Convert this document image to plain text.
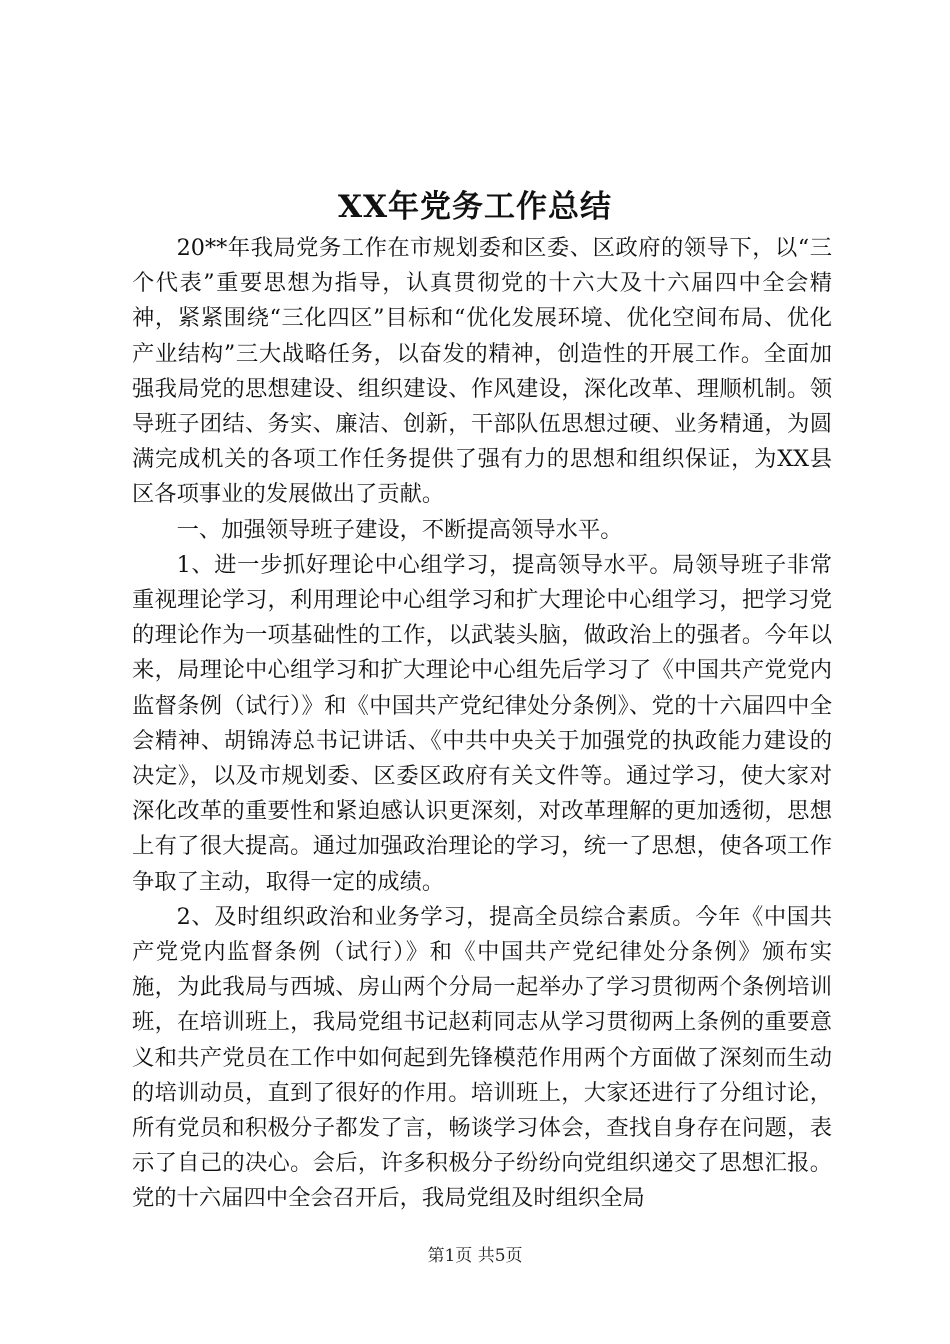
XX年党务工作总结

20**年我局党务工作在市规划委和区委、区政府的领导下，以“三个代表”重要思想为指导，认真贯彻党的十六大及十六届四中全会精神，紧紧围绕“三化四区”目标和“优化发展环境、优化空间布局、优化产业结构”三大战略任务，以奋发的精神，创造性的开展工作。全面加强我局党的思想建设、组织建设、作风建设，深化改革、理顺机制。领导班子团结、务实、廉洁、创新，干部队伍思想过硬、业务精通，为圆满完成机关的各项工作任务提供了强有力的思想和组织保证，为XX县区各项事业的发展做出了贡献。

一、加强领导班子建设，不断提高领导水平。

1、进一步抓好理论中心组学习，提高领导水平。局领导班子非常重视理论学习，利用理论中心组学习和扩大理论中心组学习，把学习党的理论作为一项基础性的工作，以武装头脑，做政治上的强者。今年以来，局理论中心组学习和扩大理论中心组先后学习了《中国共产党党内监督条例（试行）》和《中国共产党纪律处分条例》、党的十六届四中全会精神、胡锦涛总书记讲话、《中共中央关于加强党的执政能力建设的决定》，以及市规划委、区委区政府有关文件等。通过学习，使大家对深化改革的重要性和紧迫感认识更深刻，对改革理解的更加透彻，思想上有了很大提高。通过加强政治理论的学习，统一了思想，使各项工作争取了主动，取得一定的成绩。

2、及时组织政治和业务学习，提高全员综合素质。今年《中国共产党党内监督条例（试行）》和《中国共产党纪律处分条例》颁布实施，为此我局与西城、房山两个分局一起举办了学习贯彻两个条例培训班，在培训班上，我局党组书记赵莉同志从学习贯彻两上条例的重要意义和共产党员在工作中如何起到先锋模范作用两个方面做了深刻而生动的培训动员，直到了很好的作用。培训班上，大家还进行了分组讨论，所有党员和积极分子都发了言，畅谈学习体会，查找自身存在问题，表示了自己的决心。会后，许多积极分子纷纷向党组织递交了思想汇报。党的十六届四中全会召开后，我局党组及时组织全局

第1页 共5页
